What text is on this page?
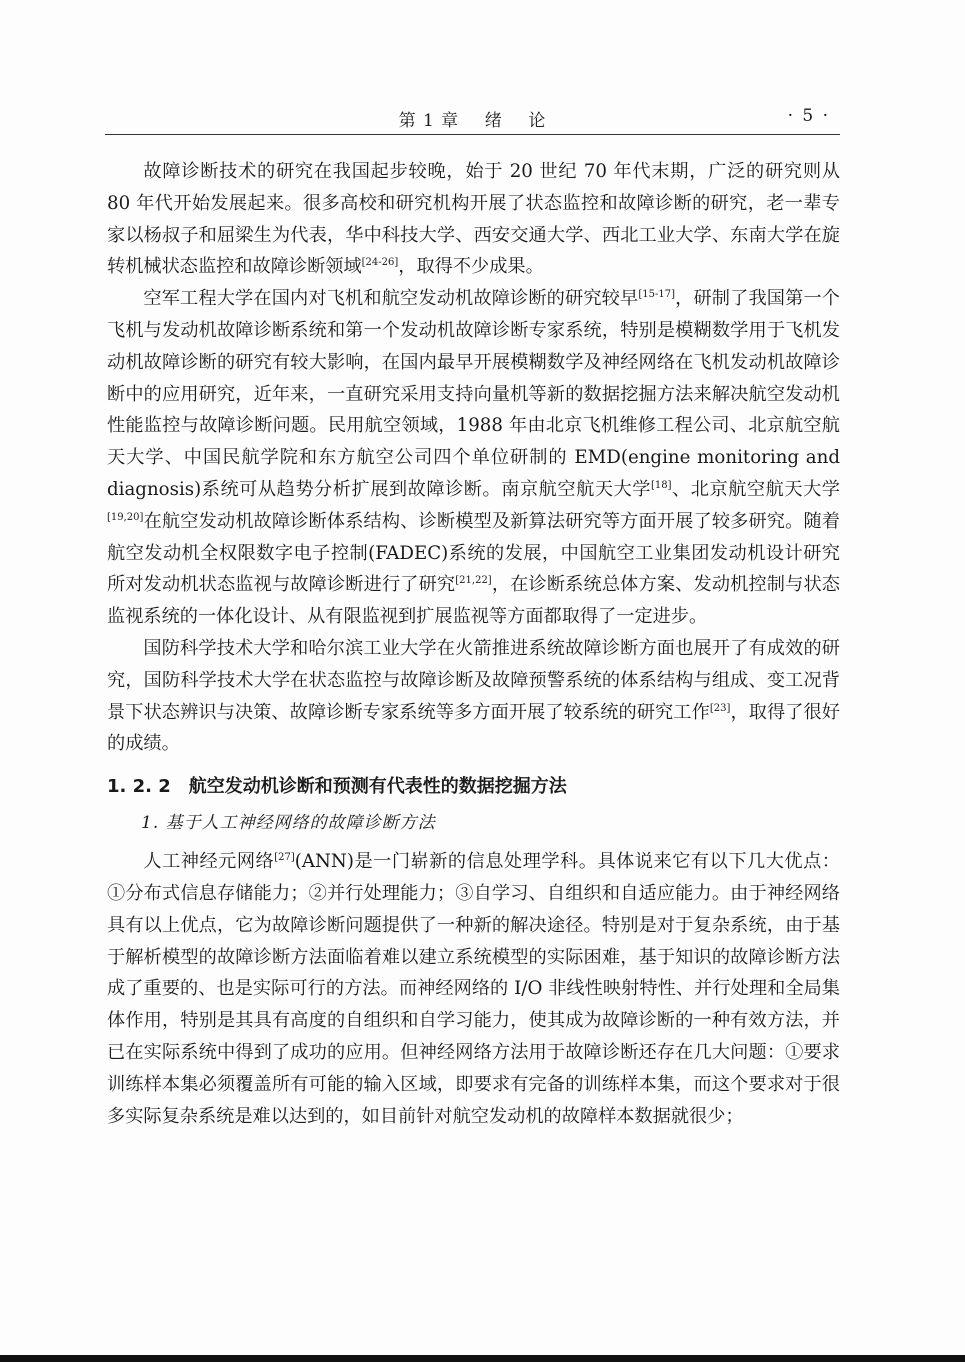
第 1 章    绪    论	· 5 ·

故障诊断技术的研究在我国起步较晚，始于 20 世纪 70 年代末期，广泛的研究则从 80 年代开始发展起来。很多高校和研究机构开展了状态监控和故障诊断的研究，老一辈专家以杨叔子和屈梁生为代表，华中科技大学、西安交通大学、西北工业大学、东南大学在旋转机械状态监控和故障诊断领域[24-26]，取得不少成果。

空军工程大学在国内对飞机和航空发动机故障诊断的研究较早[15-17]，研制了我国第一个飞机与发动机故障诊断系统和第一个发动机故障诊断专家系统，特别是模糊数学用于飞机发动机故障诊断的研究有较大影响，在国内最早开展模糊数学及神经网络在飞机发动机故障诊断中的应用研究，近年来，一直研究采用支持向量机等新的数据挖掘方法来解决航空发动机性能监控与故障诊断问题。民用航空领域，1988 年由北京飞机维修工程公司、北京航空航天大学、中国民航学院和东方航空公司四个单位研制的 EMD(engine monitoring and diagnosis)系统可从趋势分析扩展到故障诊断。南京航空航天大学[18]、北京航空航天大学[19,20]在航空发动机故障诊断体系结构、诊断模型及新算法研究等方面开展了较多研究。随着航空发动机全权限数字电子控制(FADEC)系统的发展，中国航空工业集团发动机设计研究所对发动机状态监视与故障诊断进行了研究[21,22]，在诊断系统总体方案、发动机控制与状态监视系统的一体化设计、从有限监视到扩展监视等方面都取得了一定进步。

国防科学技术大学和哈尔滨工业大学在火箭推进系统故障诊断方面也展开了有成效的研究，国防科学技术大学在状态监控与故障诊断及故障预警系统的体系结构与组成、变工况背景下状态辨识与决策、故障诊断专家系统等多方面开展了较系统的研究工作[23]，取得了很好的成绩。

1. 2. 2 航空发动机诊断和预测有代表性的数据挖掘方法
1. 基于人工神经网络的故障诊断方法

人工神经元网络[27](ANN)是一门崭新的信息处理学科。具体说来它有以下几大优点：①分布式信息存储能力；②并行处理能力；③自学习、自组织和自适应能力。由于神经网络具有以上优点，它为故障诊断问题提供了一种新的解决途径。特别是对于复杂系统，由于基于解析模型的故障诊断方法面临着难以建立系统模型的实际困难，基于知识的故障诊断方法成了重要的、也是实际可行的方法。而神经网络的 I/O 非线性映射特性、并行处理和全局集体作用，特别是其具有高度的自组织和自学习能力，使其成为故障诊断的一种有效方法，并已在实际系统中得到了成功的应用。但神经网络方法用于故障诊断还存在几大问题：①要求训练样本集必须覆盖所有可能的输入区域，即要求有完备的训练样本集，而这个要求对于很多实际复杂系统是难以达到的，如目前针对航空发动机的故障样本数据就很少；
